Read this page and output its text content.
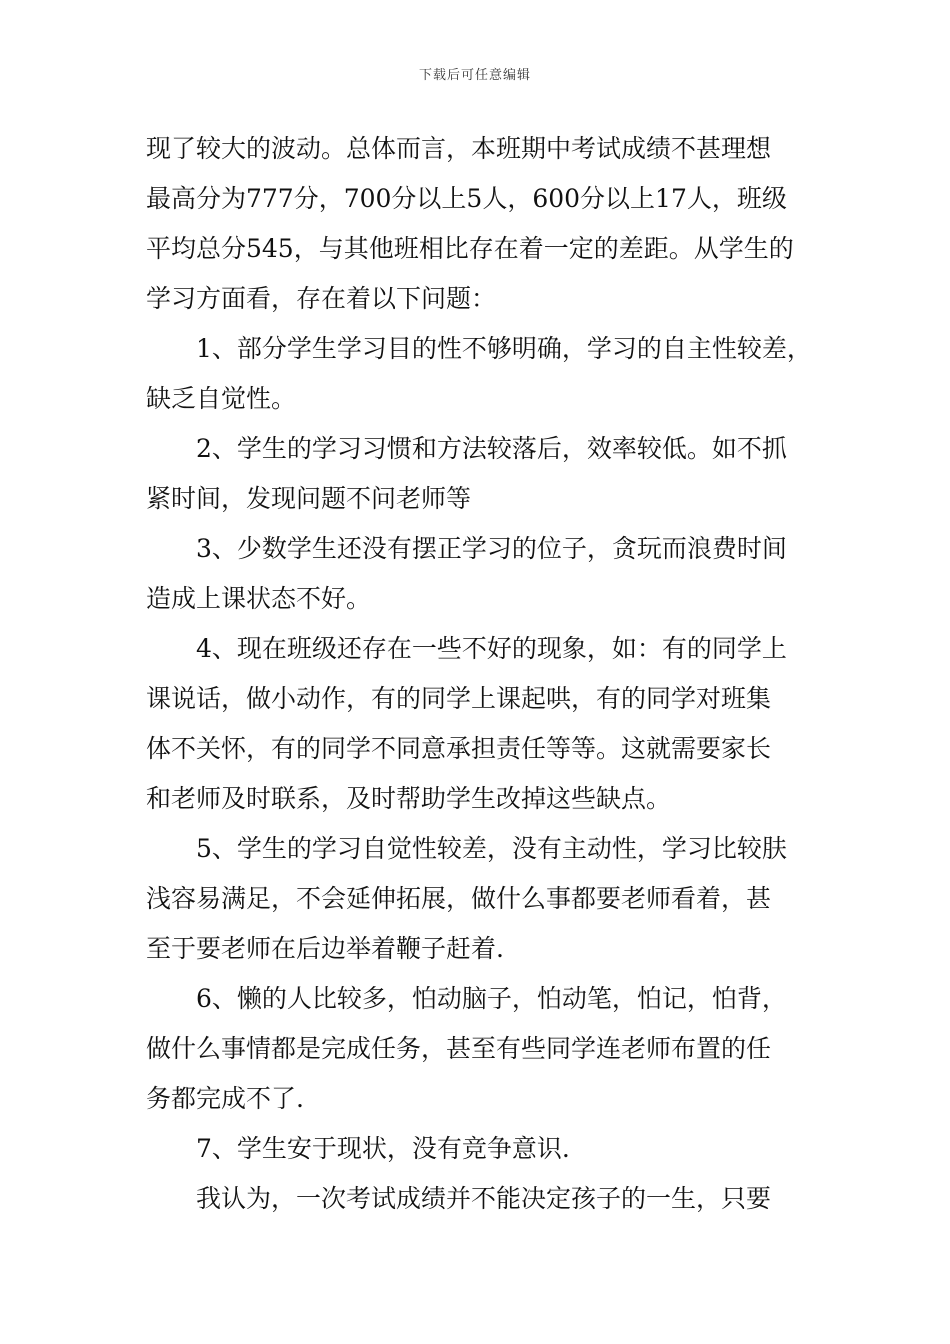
下载后可任意编辑
现了较大的波动。总体而言，本班期中考试成绩不甚理想
最高分为777分，700分以上5人，600分以上17人，班级
平均总分545，与其他班相比存在着一定的差距。从学生的
学习方面看，存在着以下问题：
1、部分学生学习目的性不够明确，学习的自主性较差，
缺乏自觉性。
2、学生的学习习惯和方法较落后，效率较低。如不抓
紧时间，发现问题不问老师等
3、少数学生还没有摆正学习的位子，贪玩而浪费时间
造成上课状态不好。
4、现在班级还存在一些不好的现象，如：有的同学上
课说话，做小动作，有的同学上课起哄，有的同学对班集
体不关怀，有的同学不同意承担责任等等。这就需要家长
和老师及时联系，及时帮助学生改掉这些缺点。
5、学生的学习自觉性较差，没有主动性，学习比较肤
浅容易满足，不会延伸拓展，做什么事都要老师看着，甚
至于要老师在后边举着鞭子赶着.
6、懒的人比较多，怕动脑子，怕动笔，怕记，怕背，
做什么事情都是完成任务，甚至有些同学连老师布置的任
务都完成不了.
7、学生安于现状，没有竞争意识.
我认为，一次考试成绩并不能决定孩子的一生，只要
